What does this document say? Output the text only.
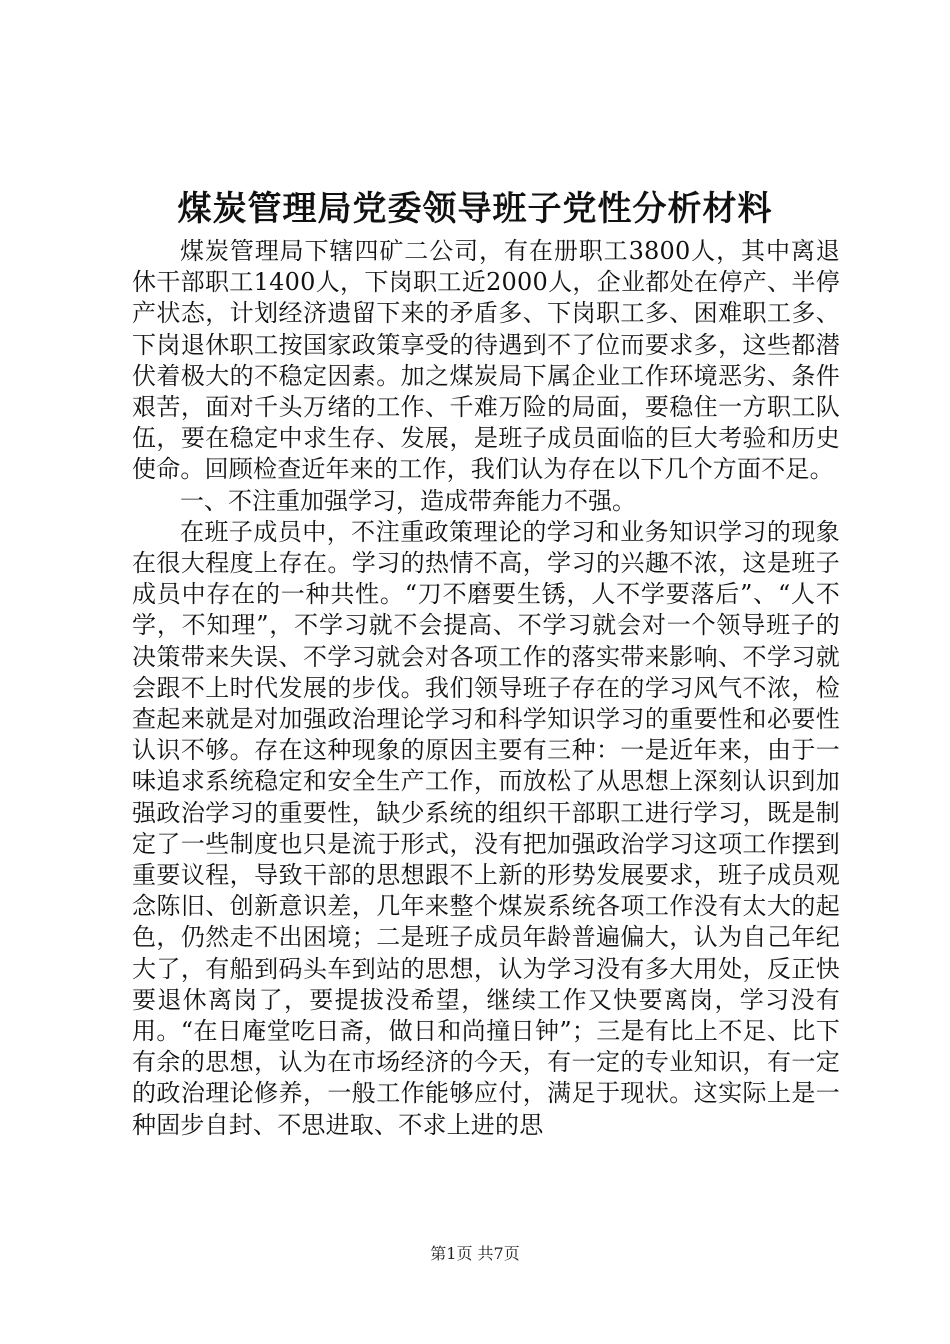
煤炭管理局党委领导班子党性分析材料

煤炭管理局下辖四矿二公司，有在册职工3800人，其中离退休干部职工1400人，下岗职工近2000人，企业都处在停产、半停产状态，计划经济遗留下来的矛盾多、下岗职工多、困难职工多、下岗退休职工按国家政策享受的待遇到不了位而要求多，这些都潜伏着极大的不稳定因素。加之煤炭局下属企业工作环境恶劣、条件艰苦，面对千头万绪的工作、千难万险的局面，要稳住一方职工队伍，要在稳定中求生存、发展，是班子成员面临的巨大考验和历史使命。回顾检查近年来的工作，我们认为存在以下几个方面不足。

一、不注重加强学习，造成带奔能力不强。

在班子成员中，不注重政策理论的学习和业务知识学习的现象在很大程度上存在。学习的热情不高，学习的兴趣不浓，这是班子成员中存在的一种共性。“刀不磨要生锈，人不学要落后”、“人不学，不知理”，不学习就不会提高、不学习就会对一个领导班子的决策带来失误、不学习就会对各项工作的落实带来影响、不学习就会跟不上时代发展的步伐。我们领导班子存在的学习风气不浓，检查起来就是对加强政治理论学习和科学知识学习的重要性和必要性认识不够。存在这种现象的原因主要有三种：一是近年来，由于一味追求系统稳定和安全生产工作，而放松了从思想上深刻认识到加强政治学习的重要性，缺少系统的组织干部职工进行学习，既是制定了一些制度也只是流于形式，没有把加强政治学习这项工作摆到重要议程，导致干部的思想跟不上新的形势发展要求，班子成员观念陈旧、创新意识差，几年来整个煤炭系统各项工作没有太大的起色，仍然走不出困境；二是班子成员年龄普遍偏大，认为自己年纪大了，有船到码头车到站的思想，认为学习没有多大用处，反正快要退休离岗了，要提拔没希望，继续工作又快要离岗，学习没有用。“在日庵堂吃日斋，做日和尚撞日钟”；三是有比上不足、比下有余的思想，认为在市场经济的今天，有一定的专业知识，有一定的政治理论修养，一般工作能够应付，满足于现状。这实际上是一种固步自封、不思进取、不求上进的思

第1页 共7页
